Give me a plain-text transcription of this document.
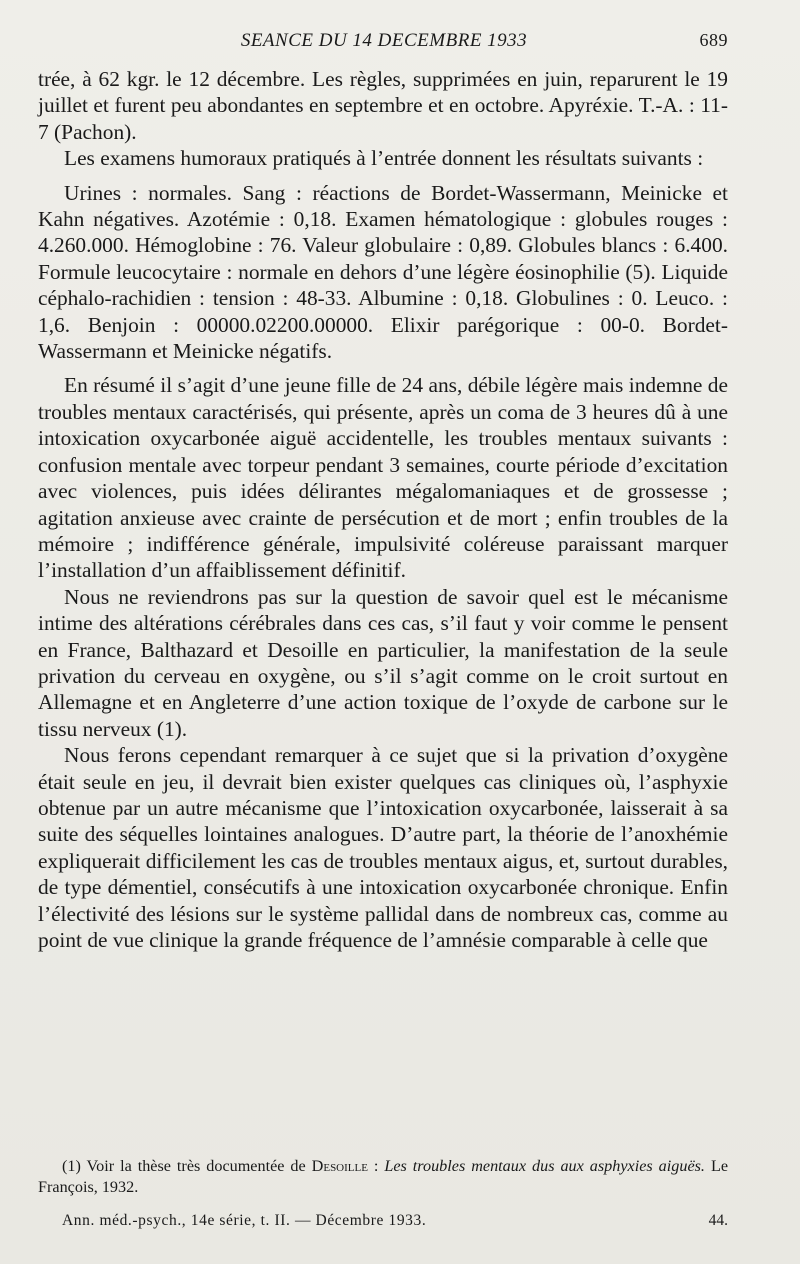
SEANCE DU 14 DECEMBRE 1933	689

trée, à 62 kgr. le 12 décembre. Les règles, supprimées en juin, reparurent le 19 juillet et furent peu abondantes en septembre et en octobre. Apyréxie. T.-A. : 11-7 (Pachon).

Les examens humoraux pratiqués à l’entrée donnent les résultats suivants :

Urines : normales. Sang : réactions de Bordet-Wassermann, Meinicke et Kahn négatives. Azotémie : 0,18. Examen hématologique : globules rouges : 4.260.000. Hémoglobine : 76. Valeur globulaire : 0,89. Globules blancs : 6.400. Formule leucocytaire : normale en dehors d’une légère éosinophilie (5). Liquide céphalo-rachidien : tension : 48-33. Albumine : 0,18. Globulines : 0. Leuco. : 1,6. Benjoin : 00000.02200.00000. Elixir parégorique : 00-0. Bordet-Wassermann et Meinicke négatifs.

En résumé il s’agit d’une jeune fille de 24 ans, débile légère mais indemne de troubles mentaux caractérisés, qui présente, après un coma de 3 heures dû à une intoxication oxycarbonée aiguë accidentelle, les troubles mentaux suivants : confusion mentale avec torpeur pendant 3 semaines, courte période d’excitation avec violences, puis idées délirantes mégalomaniaques et de grossesse ; agitation anxieuse avec crainte de persécution et de mort ; enfin troubles de la mémoire ; indifférence générale, impulsivité coléreuse paraissant marquer l’installation d’un affaiblissement définitif.

Nous ne reviendrons pas sur la question de savoir quel est le mécanisme intime des altérations cérébrales dans ces cas, s’il faut y voir comme le pensent en France, Balthazard et Desoille en particulier, la manifestation de la seule privation du cerveau en oxygène, ou s’il s’agit comme on le croit surtout en Allemagne et en Angleterre d’une action toxique de l’oxyde de carbone sur le tissu nerveux (1).

Nous ferons cependant remarquer à ce sujet que si la privation d’oxygène était seule en jeu, il devrait bien exister quelques cas cliniques où, l’asphyxie obtenue par un autre mécanisme que l’intoxication oxycarbonée, laisserait à sa suite des séquelles lointaines analogues. D’autre part, la théorie de l’anoxhémie expliquerait difficilement les cas de troubles mentaux aigus, et, surtout durables, de type démentiel, consécutifs à une intoxication oxycarbonée chronique. Enfin l’électivité des lésions sur le système pallidal dans de nombreux cas, comme au point de vue clinique la grande fréquence de l’amnésie comparable à celle que

(1) Voir la thèse très documentée de Desoille : Les troubles mentaux dus aux asphyxies aiguës. Le François, 1932.
Ann. méd.-psych., 14e série, t. II. — Décembre 1933.	44.
